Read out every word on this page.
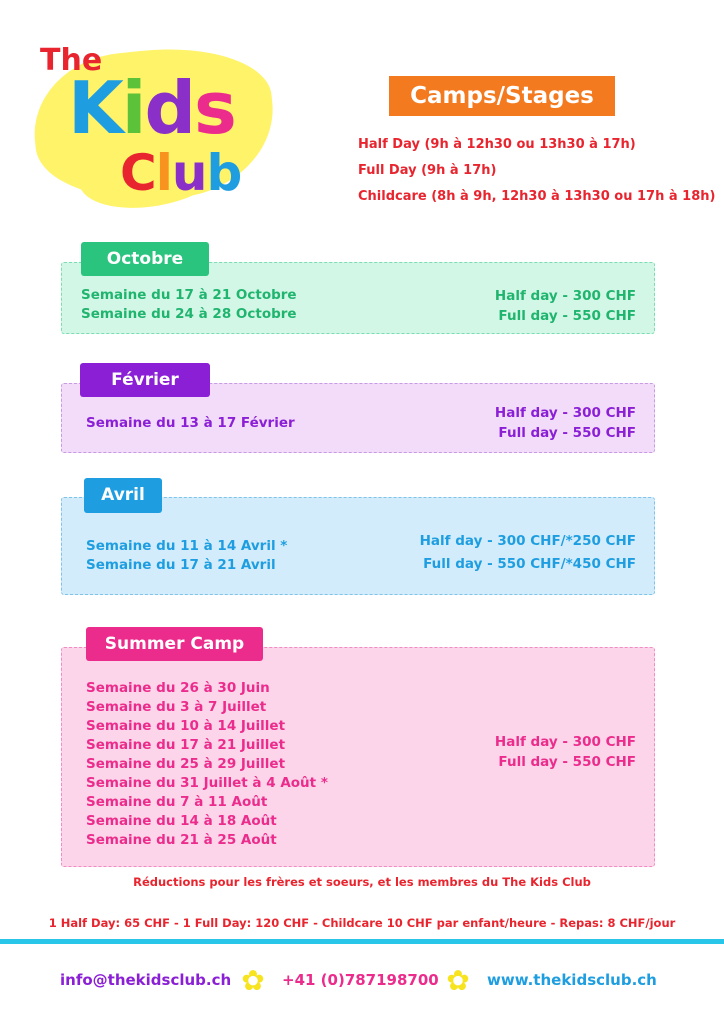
The
Kids
Club
Camps/Stages
Half Day (9h à 12h30 ou 13h30 à 17h)
Full Day (9h à 17h)
Childcare (8h à 9h, 12h30 à 13h30 ou 17h à 18h)
Octobre
Semaine du 17 à 21 Octobre
Semaine du 24 à 28 Octobre
Half day - 300 CHF
Full day - 550 CHF
Février
Semaine du 13 à 17 Février
Half day - 300 CHF
Full day - 550 CHF
Avril
Semaine du 11 à 14 Avril *
Semaine du 17 à 21 Avril
Half day - 300 CHF/*250 CHF
Full day - 550 CHF/*450 CHF
Summer Camp
Semaine du 26 à 30 Juin
Semaine du 3 à 7 Juillet
Semaine du 10 à 14 Juillet
Semaine du 17 à 21 Juillet
Semaine du 25 à 29 Juillet
Semaine du 31 Juillet à 4 Août *
Semaine du 7 à 11 Août
Semaine du 14 à 18 Août
Semaine du 21 à 25 Août
Half day - 300 CHF
Full day - 550 CHF
Réductions pour les frères et soeurs, et les membres du The Kids Club
1 Half Day: 65 CHF - 1 Full Day: 120 CHF - Childcare 10 CHF par enfant/heure - Repas: 8 CHF/jour
info@thekidsclub.ch ✿ +41 (0)787198700 ✿ www.thekidsclub.ch
